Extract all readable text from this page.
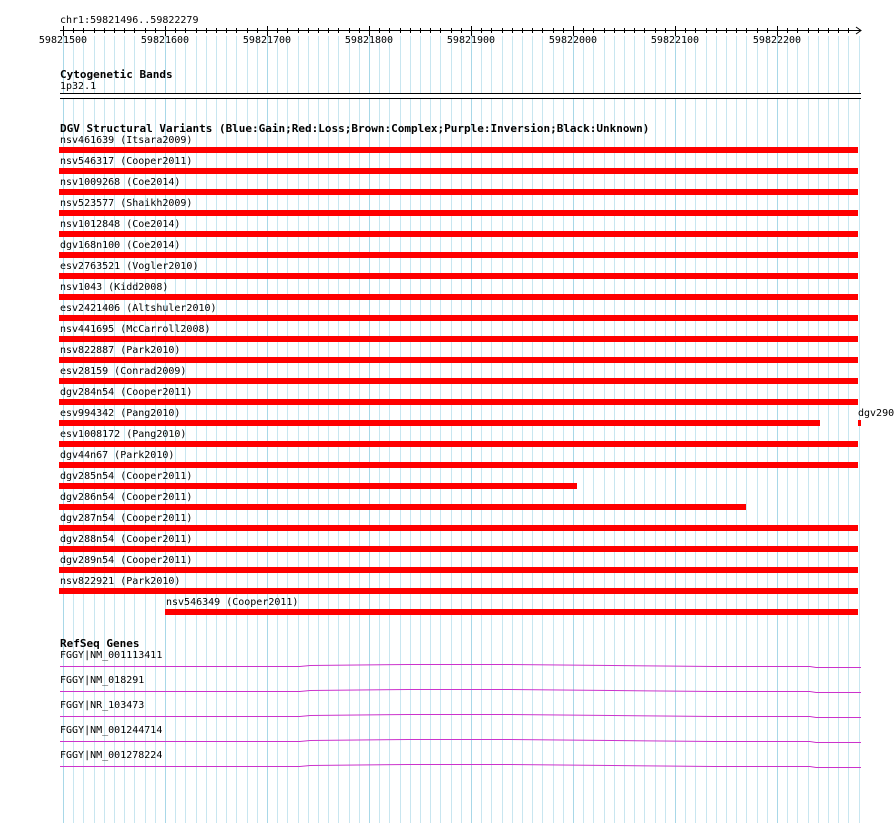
chr1:59821496..59822279
59821500	59821600	59821700	59821800	59821900	59822000	59822100	59822200
Cytogenetic Bands
1p32.1
DGV Structural Variants (Blue:Gain;Red:Loss;Brown:Complex;Purple:Inversion;Black:Unknown)
nsv461639 (Itsara2009)
nsv546317 (Cooper2011)
nsv1009268 (Coe2014)
nsv523577 (Shaikh2009)
nsv1012848 (Coe2014)
dgv168n100 (Coe2014)
esv2763521 (Vogler2010)
nsv1043 (Kidd2008)
esv2421406 (Altshuler2010)
nsv441695 (McCarroll2008)
nsv822887 (Park2010)
esv28159 (Conrad2009)
dgv284n54 (Cooper2011)
esv994342 (Pang2010)
esv1008172 (Pang2010)
dgv44n67 (Park2010)
dgv285n54 (Cooper2011)
dgv286n54 (Cooper2011)
dgv287n54 (Cooper2011)
dgv288n54 (Cooper2011)
dgv289n54 (Cooper2011)
nsv822921 (Park2010)
nsv546349 (Cooper2011)
dgv290
RefSeq Genes
FGGY|NM_001113411
FGGY|NM_018291
FGGY|NR_103473
FGGY|NM_001244714
FGGY|NM_001278224
